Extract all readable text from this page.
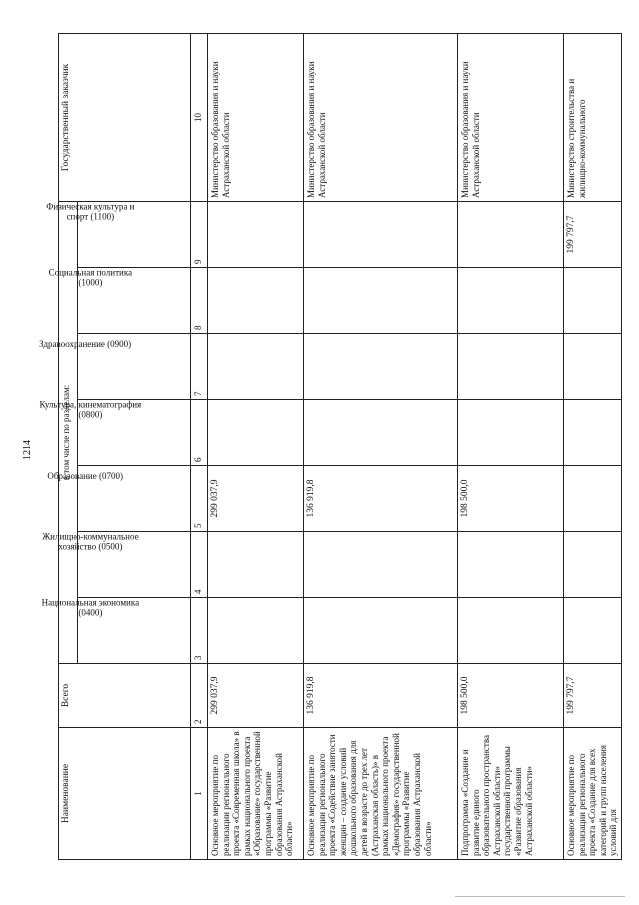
1214
Наименование	Всего	в том числе по разделам:							Государственный заказчик
		Национальная экономика (0400)	Жилищно-коммунальное хозяйство (0500)	Образование (0700)	Культура, кинематография (0800)	Здравоохранение (0900)	Социальная политика (1000)	Физическая культура и спорт (1100)	
1	2	3	4	5	6	7	8	9	10
Основное мероприятие по реализации регионального проекта «Современная школа» в рамках национального проекта «Образование» государственной программы «Развитие образования Астраханской области»	299 037,9			299 037,9					Министерство образования и науки Астраханской области
Основное мероприятие по реализации регионального проекта «Содействие занятости женщин – создание условий дошкольного образования для детей в возрасте до трех лет (Астраханская область)» в рамках национального проекта «Демография» государственной программы «Развитие образования Астраханской области»	136 919,8			136 919,8					Министерство образования и науки Астраханской области
Подпрограмма «Создание и развитие единого образовательного пространства Астраханской области» государственной программы «Развитие образования Астраханской области»	198 500,0			198 500,0					Министерство образования и науки Астраханской области
Основное мероприятие по реализации регионального проекта «Создание для всех категорий и групп населения условий для	199 797,7							199 797,7	Министерство строительства и жилищно-коммунального
